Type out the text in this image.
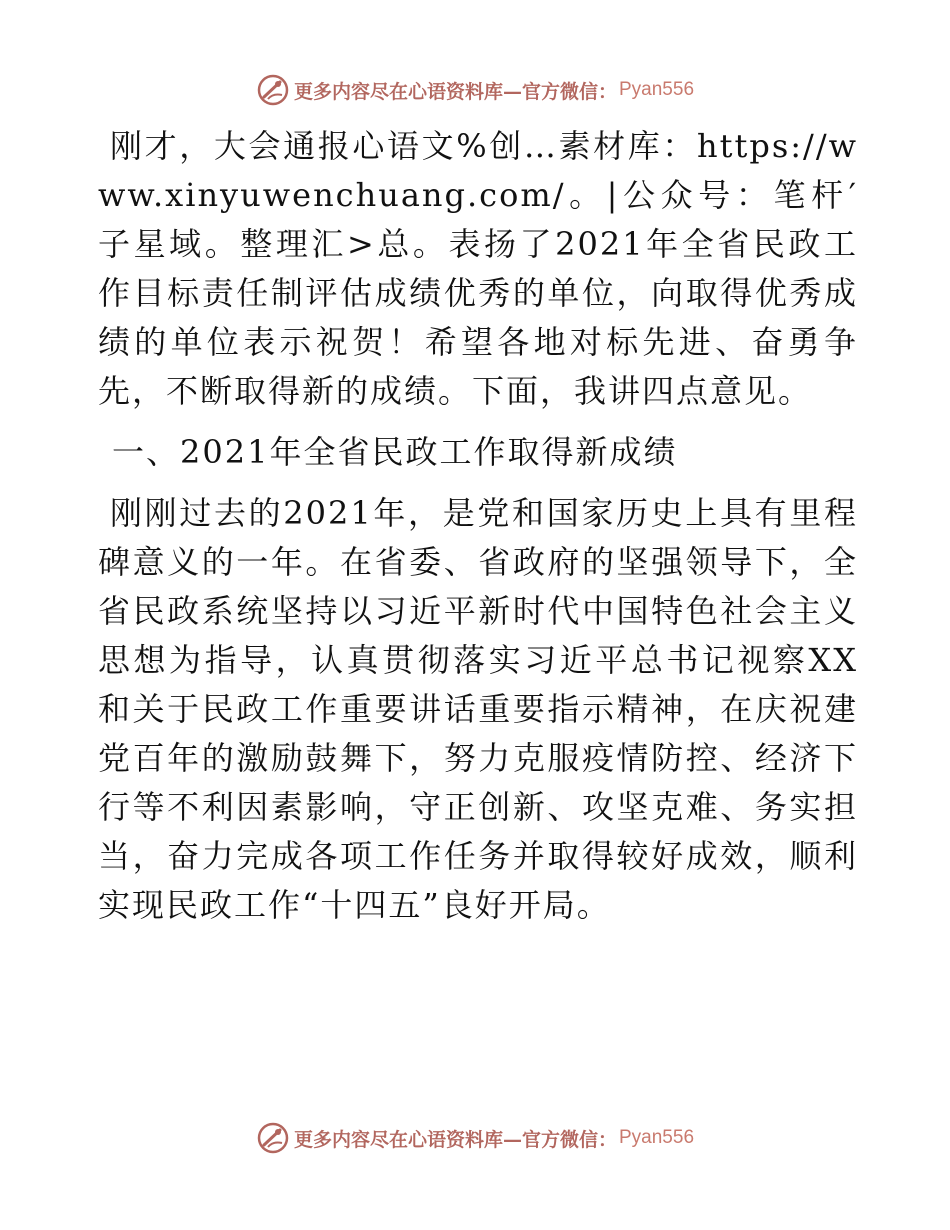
更多内容尽在心语资料库—官方微信： Pyan556

刚才，大会通报心语文%创…素材库：https://www.xinyuwenchuang.com/。|公众号：笔杆′子星域。整理汇>总。表扬了2021年全省民政工作目标责任制评估成绩优秀的单位，向取得优秀成绩的单位表示祝贺！希望各地对标先进、奋勇争先，不断取得新的成绩。下面，我讲四点意见。

一、2021年全省民政工作取得新成绩

刚刚过去的2021年，是党和国家历史上具有里程碑意义的一年。在省委、省政府的坚强领导下，全省民政系统坚持以习近平新时代中国特色社会主义思想为指导，认真贯彻落实习近平总书记视察XX和关于民政工作重要讲话重要指示精神，在庆祝建党百年的激励鼓舞下，努力克服疫情防控、经济下行等不利因素影响，守正创新、攻坚克难、务实担当，奋力完成各项工作任务并取得较好成效，顺利实现民政工作“十四五”良好开局。

更多内容尽在心语资料库—官方微信： Pyan556
